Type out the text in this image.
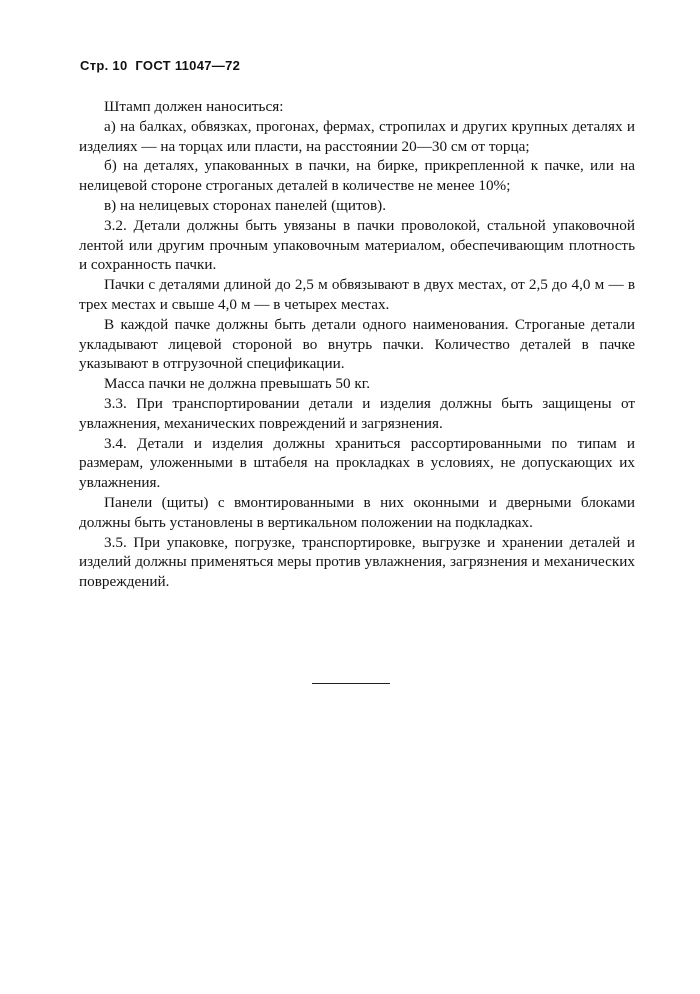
Стр. 10 ГОСТ 11047—72

Штамп должен наноситься:

а) на балках, обвязках, прогонах, фермах, стропилах и других крупных деталях и изделиях — на торцах или пласти, на расстоянии 20—30 см от торца;

б) на деталях, упакованных в пачки, на бирке, прикрепленной к пачке, или на нелицевой стороне строганых деталей в количестве не менее 10%;

в) на нелицевых сторонах панелей (щитов).

3.2. Детали должны быть увязаны в пачки проволокой, стальной упаковочной лентой или другим прочным упаковочным материалом, обеспечивающим плотность и сохранность пачки.

Пачки с деталями длиной до 2,5 м обвязывают в двух местах, от 2,5 до 4,0 м — в трех местах и свыше 4,0 м — в четырех местах.

В каждой пачке должны быть детали одного наименования. Строганые детали укладывают лицевой стороной во внутрь пачки. Количество деталей в пачке указывают в отгрузочной спецификации.

Масса пачки не должна превышать 50 кг.

3.3. При транспортировании детали и изделия должны быть защищены от увлажнения, механических повреждений и загрязнения.

3.4. Детали и изделия должны храниться рассортированными по типам и размерам, уложенными в штабеля на прокладках в условиях, не допускающих их увлажнения.

Панели (щиты) с вмонтированными в них оконными и дверными блоками должны быть установлены в вертикальном положении на подкладках.

3.5. При упаковке, погрузке, транспортировке, выгрузке и хранении деталей и изделий должны применяться меры против увлажнения, загрязнения и механических повреждений.
